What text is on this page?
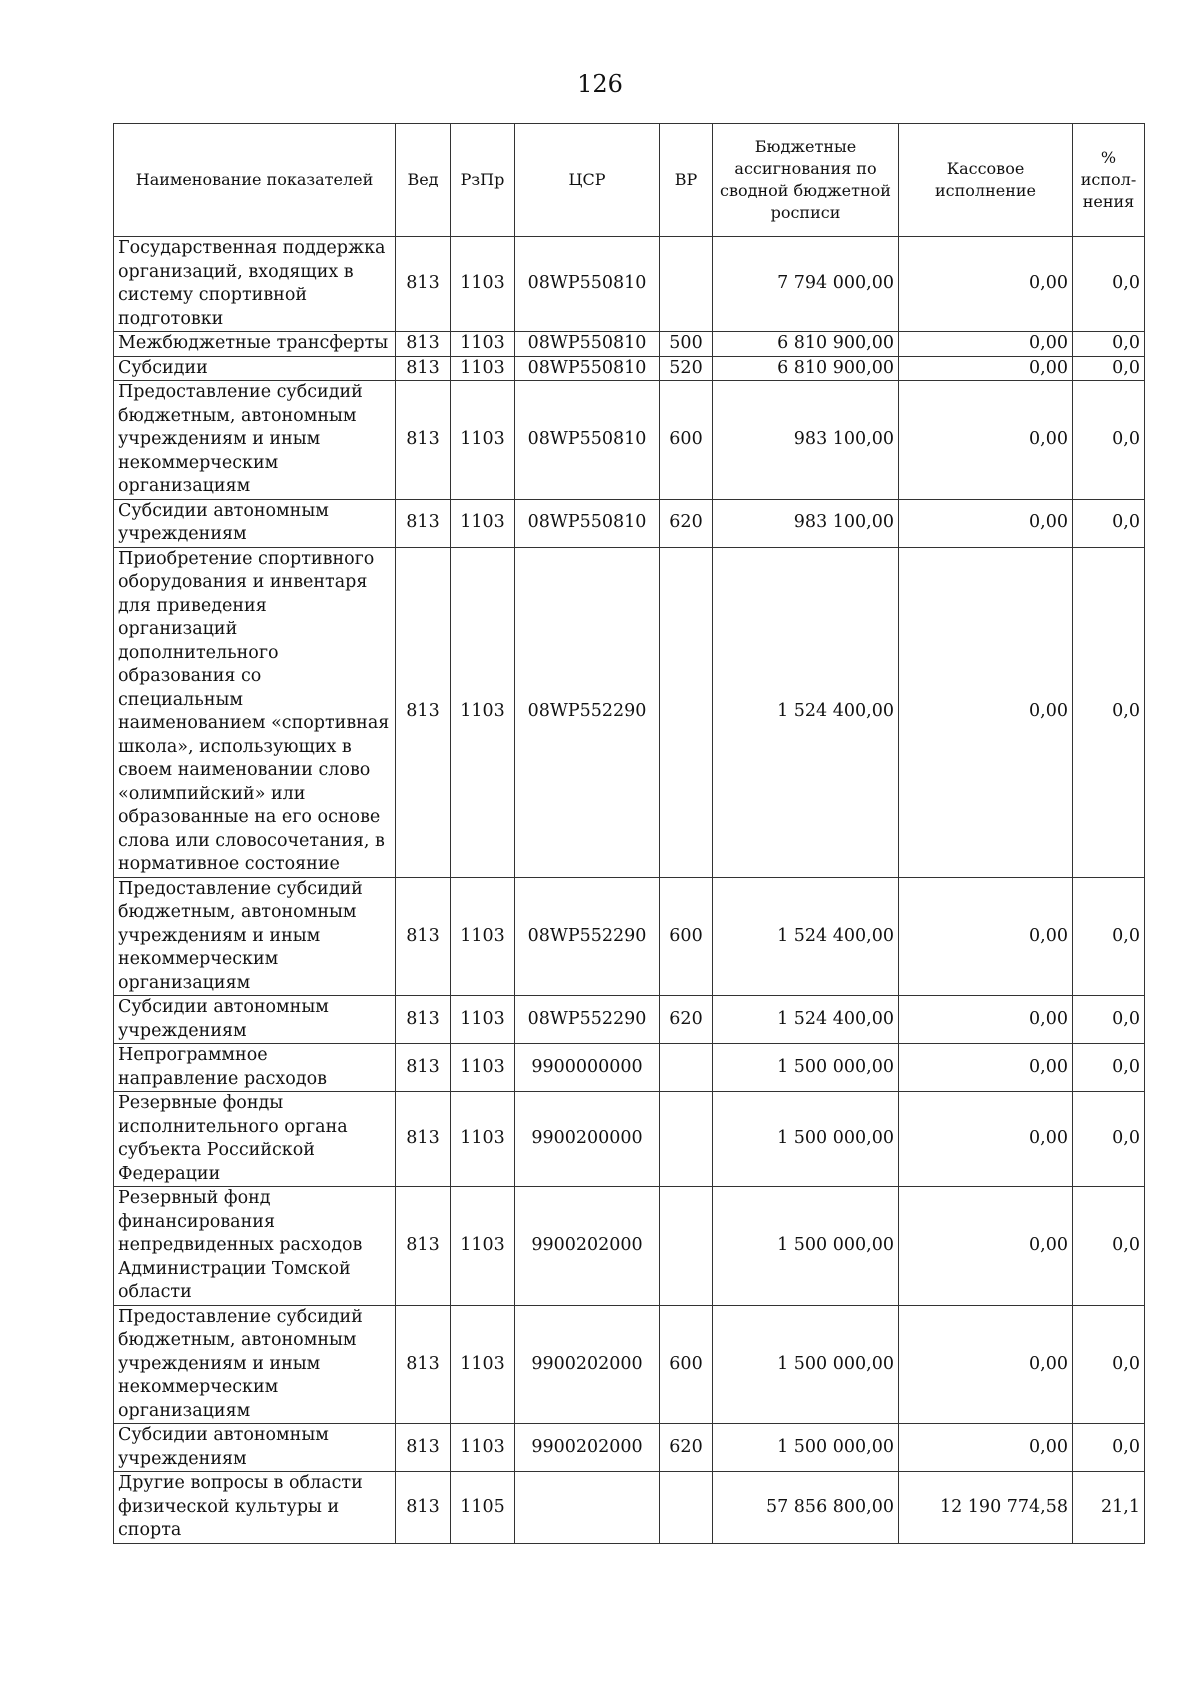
126
Наименование показателей	Вед	РзПр	ЦСР	ВР	Бюджетные ассигнования по сводной бюджетной росписи	Кассовое исполнение	% испол-нения
Государственная поддержка организаций, входящих в систему спортивной подготовки	813	1103	08WP550810		7 794 000,00	0,00	0,0
Межбюджетные трансферты	813	1103	08WP550810	500	6 810 900,00	0,00	0,0
Субсидии	813	1103	08WP550810	520	6 810 900,00	0,00	0,0
Предоставление субсидий бюджетным, автономным учреждениям и иным некоммерческим организациям	813	1103	08WP550810	600	983 100,00	0,00	0,0
Субсидии автономным учреждениям	813	1103	08WP550810	620	983 100,00	0,00	0,0
Приобретение спортивного оборудования и инвентаря для приведения организаций дополнительного образования со специальным наименованием «спортивная школа», использующих в своем наименовании слово «олимпийский» или образованные на его основе слова или словосочетания, в нормативное состояние	813	1103	08WP552290		1 524 400,00	0,00	0,0
Предоставление субсидий бюджетным, автономным учреждениям и иным некоммерческим организациям	813	1103	08WP552290	600	1 524 400,00	0,00	0,0
Субсидии автономным учреждениям	813	1103	08WP552290	620	1 524 400,00	0,00	0,0
Непрограммное направление расходов	813	1103	9900000000		1 500 000,00	0,00	0,0
Резервные фонды исполнительного органа субъекта Российской Федерации	813	1103	9900200000		1 500 000,00	0,00	0,0
Резервный фонд финансирования непредвиденных расходов Администрации Томской области	813	1103	9900202000		1 500 000,00	0,00	0,0
Предоставление субсидий бюджетным, автономным учреждениям и иным некоммерческим организациям	813	1103	9900202000	600	1 500 000,00	0,00	0,0
Субсидии автономным учреждениям	813	1103	9900202000	620	1 500 000,00	0,00	0,0
Другие вопросы в области физической культуры и спорта	813	1105			57 856 800,00	12 190 774,58	21,1
